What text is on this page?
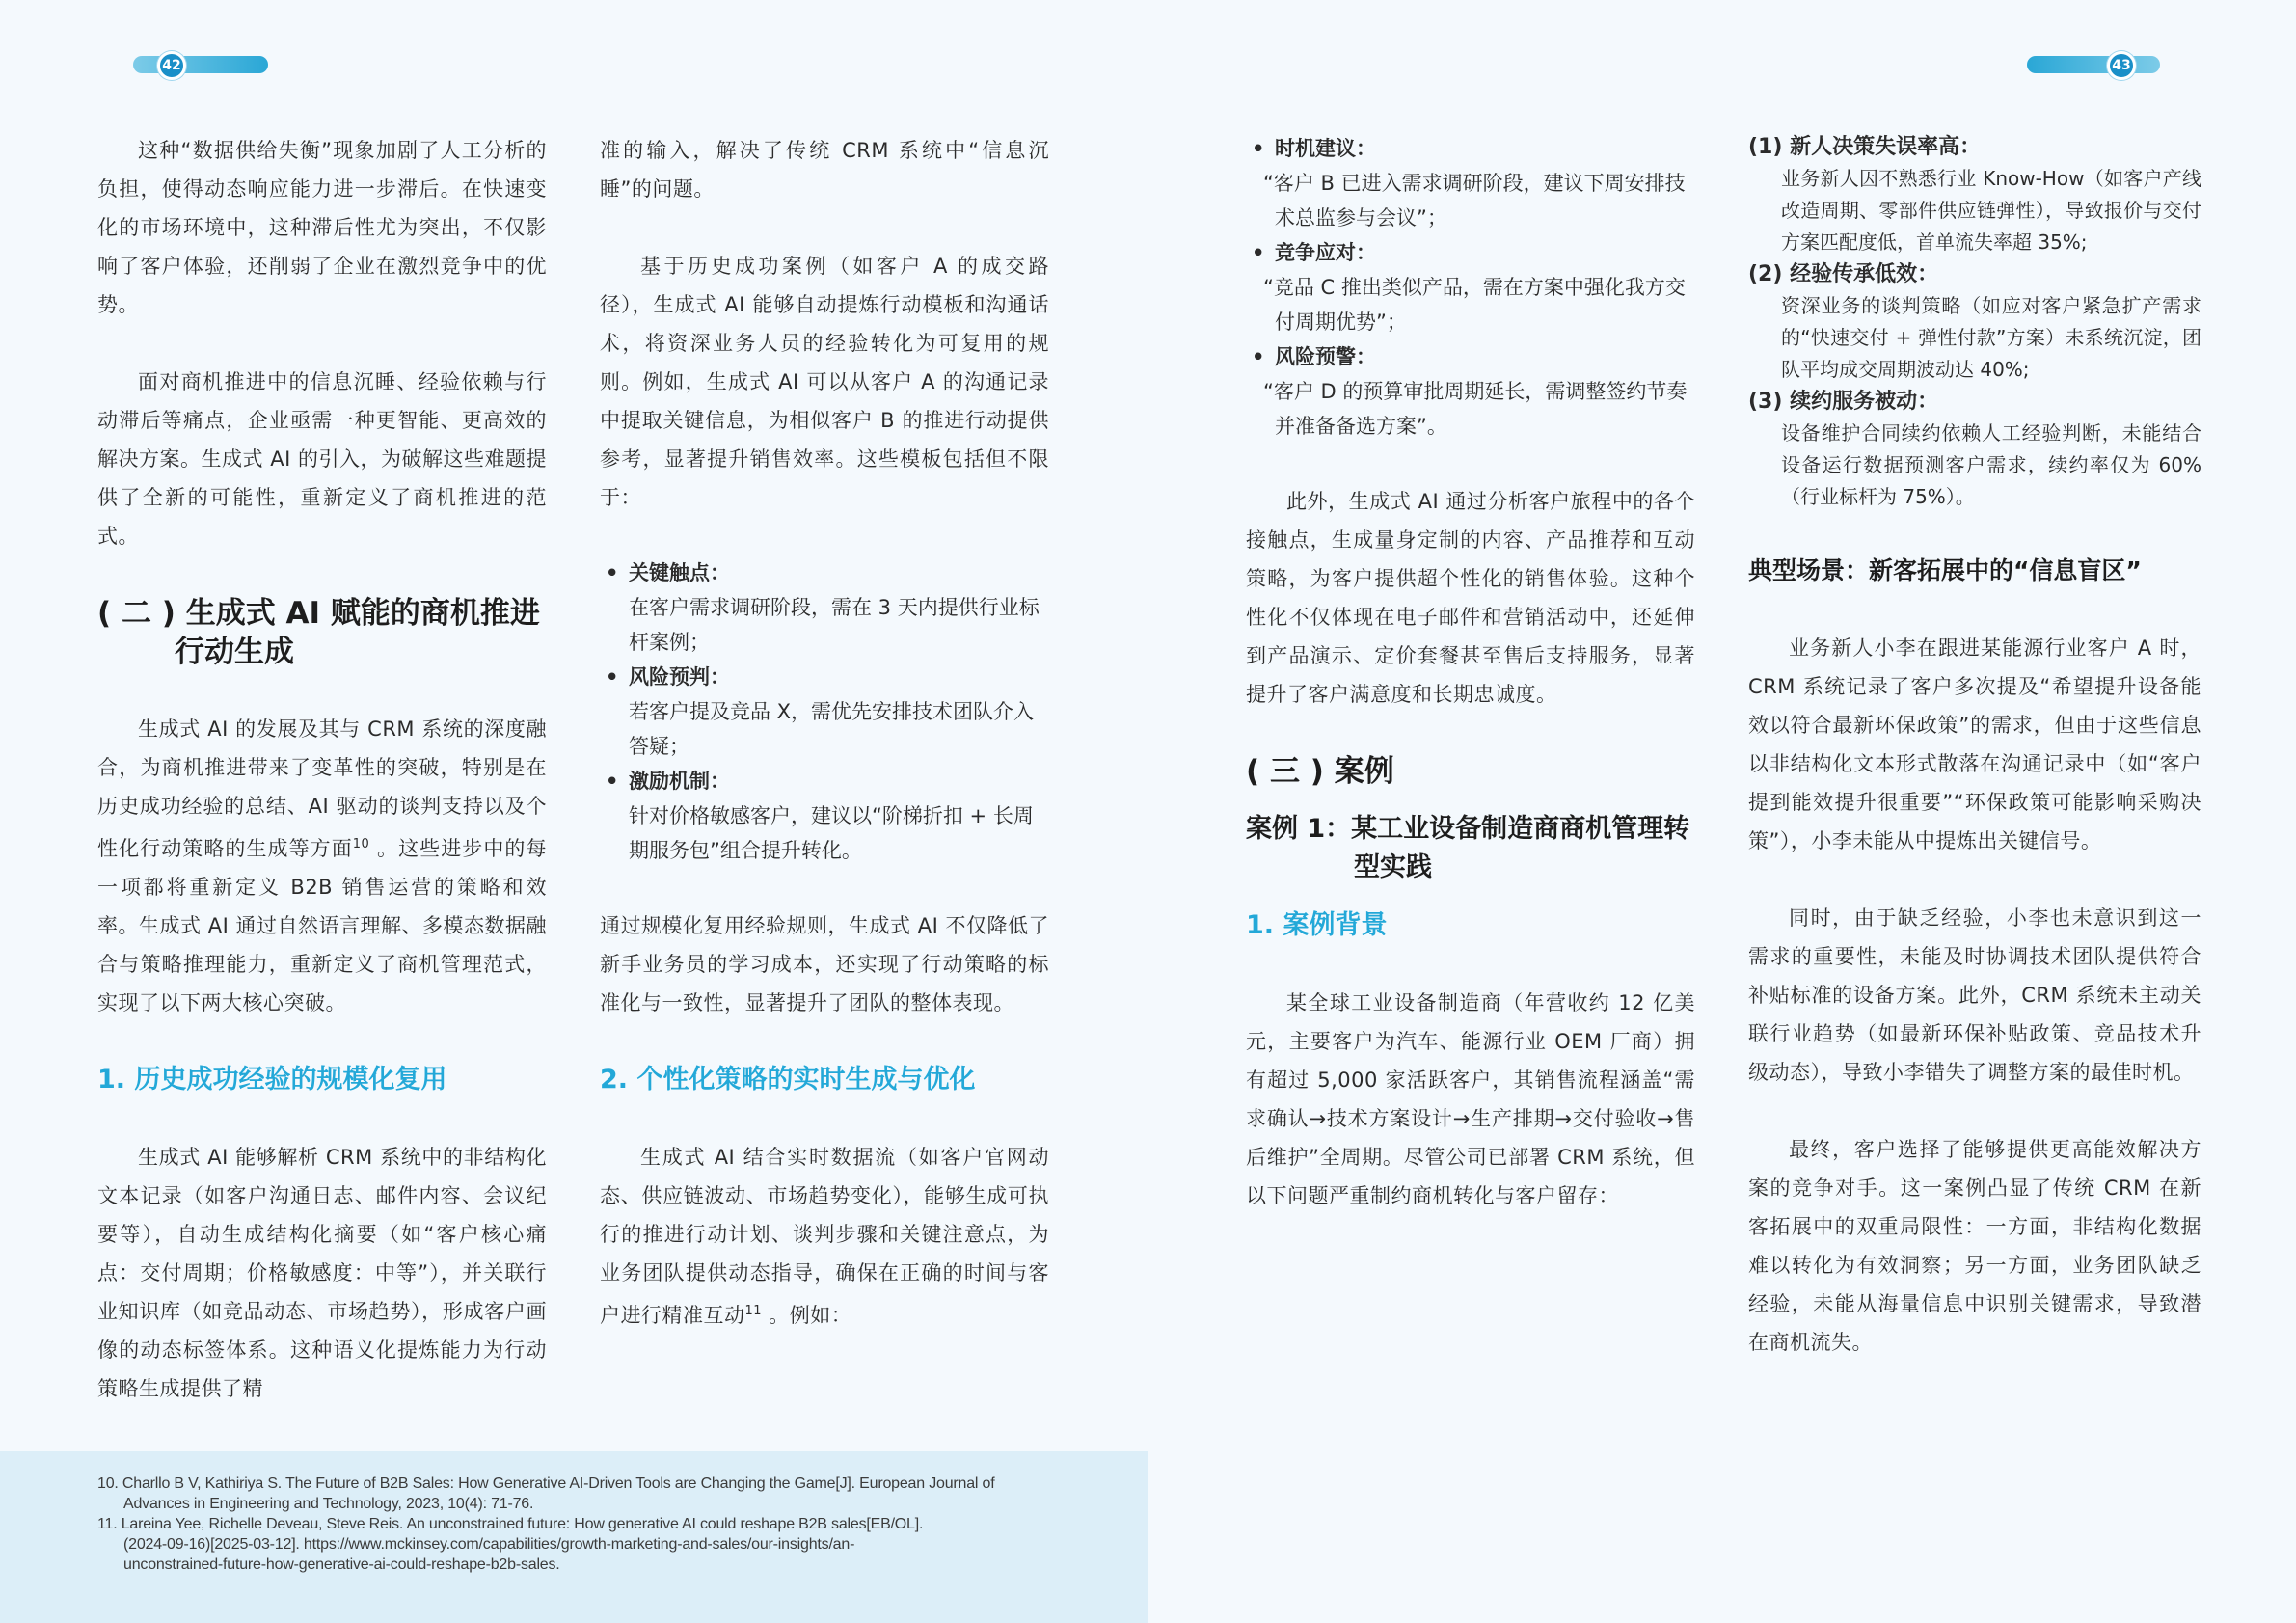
42	43

这种“数据供给失衡”现象加剧了人工分析的负担，使得动态响应能力进一步滞后。在快速变化的市场环境中，这种滞后性尤为突出，不仅影响了客户体验，还削弱了企业在激烈竞争中的优势。

面对商机推进中的信息沉睡、经验依赖与行动滞后等痛点，企业亟需一种更智能、更高效的解决方案。生成式 AI 的引入，为破解这些难题提供了全新的可能性，重新定义了商机推进的范式。

( 二 ) 生成式 AI 赋能的商机推进行动生成

生成式 AI 的发展及其与 CRM 系统的深度融合，为商机推进带来了变革性的突破，特别是在历史成功经验的总结、AI 驱动的谈判支持以及个性化行动策略的生成等方面$^{10}$ 。这些进步中的每一项都将重新定义 B2B 销售运营的策略和效率。生成式 AI 通过自然语言理解、多模态数据融合与策略推理能力，重新定义了商机管理范式，实现了以下两大核心突破。

1. 历史成功经验的规模化复用

生成式 AI 能够解析 CRM 系统中的非结构化文本记录（如客户沟通日志、邮件内容、会议纪要等），自动生成结构化摘要（如“客户核心痛点：交付周期；价格敏感度：中等”），并关联行业知识库（如竞品动态、市场趋势），形成客户画像的动态标签体系。这种语义化提炼能力为行动策略生成提供了精

准的输入，解决了传统 CRM 系统中“信息沉睡”的问题。

基于历史成功案例（如客户 A 的成交路径），生成式 AI 能够自动提炼行动模板和沟通话术，将资深业务人员的经验转化为可复用的规则。例如，生成式 AI 可以从客户 A 的沟通记录中提取关键信息，为相似客户 B 的推进行动提供参考，显著提升销售效率。这些模板包括但不限于：

• 关键触点：
在客户需求调研阶段，需在 3 天内提供行业标杆案例；
• 风险预判：
若客户提及竞品 X，需优先安排技术团队介入答疑；
• 激励机制：
针对价格敏感客户，建议以“阶梯折扣 + 长周期服务包”组合提升转化。

通过规模化复用经验规则，生成式 AI 不仅降低了新手业务员的学习成本，还实现了行动策略的标准化与一致性，显著提升了团队的整体表现。

2. 个性化策略的实时生成与优化

生成式 AI 结合实时数据流（如客户官网动态、供应链波动、市场趋势变化），能够生成可执行的推进行动计划、谈判步骤和关键注意点，为业务团队提供动态指导，确保在正确的时间与客户进行精准互动$^{11}$ 。例如：

• 时机建议：
“客户 B 已进入需求调研阶段，建议下周安排技术总监参与会议”；
• 竞争应对：
“竞品 C 推出类似产品，需在方案中强化我方交付周期优势”；
• 风险预警：
“客户 D 的预算审批周期延长，需调整签约节奏并准备备选方案”。

此外，生成式 AI 通过分析客户旅程中的各个接触点，生成量身定制的内容、产品推荐和互动策略，为客户提供超个性化的销售体验。这种个性化不仅体现在电子邮件和营销活动中，还延伸到产品演示、定价套餐甚至售后支持服务，显著提升了客户满意度和长期忠诚度。

( 三 ) 案例
案例 1：某工业设备制造商商机管理转型实践
1. 案例背景

某全球工业设备制造商（年营收约 12 亿美元，主要客户为汽车、能源行业 OEM 厂商）拥有超过 5,000 家活跃客户，其销售流程涵盖“需求确认→技术方案设计→生产排期→交付验收→售后维护”全周期。尽管公司已部署 CRM 系统，但以下问题严重制约商机转化与客户留存：

(1) 新人决策失误率高：
业务新人因不熟悉行业 Know-How（如客户产线改造周期、零部件供应链弹性），导致报价与交付方案匹配度低，首单流失率超 35%;
(2) 经验传承低效：
资深业务的谈判策略（如应对客户紧急扩产需求的“快速交付 + 弹性付款”方案）未系统沉淀，团队平均成交周期波动达 40%;
(3) 续约服务被动：
设备维护合同续约依赖人工经验判断，未能结合设备运行数据预测客户需求，续约率仅为 60%（行业标杆为 75%）。
典型场景：新客拓展中的“信息盲区”

业务新人小李在跟进某能源行业客户 A 时，CRM 系统记录了客户多次提及“希望提升设备能效以符合最新环保政策”的需求，但由于这些信息以非结构化文本形式散落在沟通记录中（如“客户提到能效提升很重要”“环保政策可能影响采购决策”），小李未能从中提炼出关键信号。

同时，由于缺乏经验，小李也未意识到这一需求的重要性，未能及时协调技术团队提供符合补贴标准的设备方案。此外，CRM 系统未主动关联行业趋势（如最新环保补贴政策、竞品技术升级动态），导致小李错失了调整方案的最佳时机。

最终，客户选择了能够提供更高能效解决方案的竞争对手。这一案例凸显了传统 CRM 在新客拓展中的双重局限性：一方面，非结构化数据难以转化为有效洞察；另一方面，业务团队缺乏经验，未能从海量信息中识别关键需求，导致潜在商机流失。

10. Charllo B V, Kathiriya S. The Future of B2B Sales: How Generative AI-Driven Tools are Changing the Game[J]. European Journal of
Advances in Engineering and Technology, 2023, 10(4): 71-76.
11. Lareina Yee, Richelle Deveau, Steve Reis. An unconstrained future: How generative AI could reshape B2B sales[EB/OL].
(2024-09-16)[2025-03-12]. https://www.mckinsey.com/capabilities/growth-marketing-and-sales/our-insights/an-
unconstrained-future-how-generative-ai-could-reshape-b2b-sales.
